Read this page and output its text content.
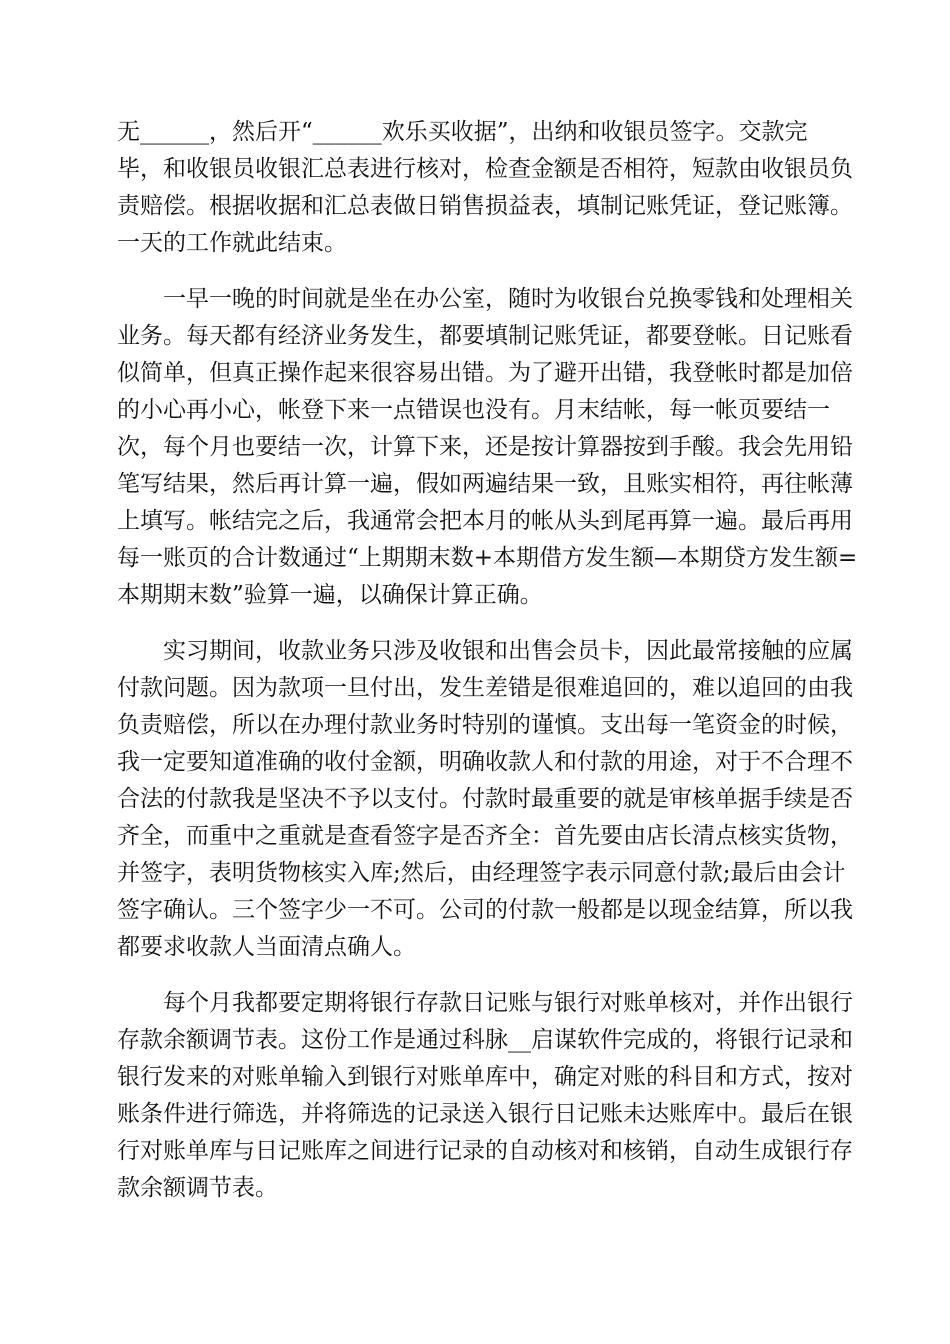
无______，然后开“______欢乐买收据”，出纳和收银员签字。交款完
毕，和收银员收银汇总表进行核对，检查金额是否相符，短款由收银员负
责赔偿。根据收据和汇总表做日销售损益表，填制记账凭证，登记账簿。
一天的工作就此结束。
一早一晚的时间就是坐在办公室，随时为收银台兑换零钱和处理相关
业务。每天都有经济业务发生，都要填制记账凭证，都要登帐。日记账看
似简单，但真正操作起来很容易出错。为了避开出错，我登帐时都是加倍
的小心再小心，帐登下来一点错误也没有。月末结帐，每一帐页要结一
次，每个月也要结一次，计算下来，还是按计算器按到手酸。我会先用铅
笔写结果，然后再计算一遍，假如两遍结果一致，且账实相符，再往帐薄
上填写。帐结完之后，我通常会把本月的帐从头到尾再算一遍。最后再用
每一账页的合计数通过“上期期末数+本期借方发生额—本期贷方发生额=
本期期末数”验算一遍，以确保计算正确。
实习期间，收款业务只涉及收银和出售会员卡，因此最常接触的应属
付款问题。因为款项一旦付出，发生差错是很难追回的，难以追回的由我
负责赔偿，所以在办理付款业务时特别的谨慎。支出每一笔资金的时候，
我一定要知道准确的收付金额，明确收款人和付款的用途，对于不合理不
合法的付款我是坚决不予以支付。付款时最重要的就是审核单据手续是否
齐全，而重中之重就是查看签字是否齐全：首先要由店长清点核实货物，
并签字，表明货物核实入库;然后，由经理签字表示同意付款;最后由会计
签字确认。三个签字少一不可。公司的付款一般都是以现金结算，所以我
都要求收款人当面清点确人。
每个月我都要定期将银行存款日记账与银行对账单核对，并作出银行
存款余额调节表。这份工作是通过科脉__启谋软件完成的，将银行记录和
银行发来的对账单输入到银行对账单库中，确定对账的科目和方式，按对
账条件进行筛选，并将筛选的记录送入银行日记账未达账库中。最后在银
行对账单库与日记账库之间进行记录的自动核对和核销，自动生成银行存
款余额调节表。
